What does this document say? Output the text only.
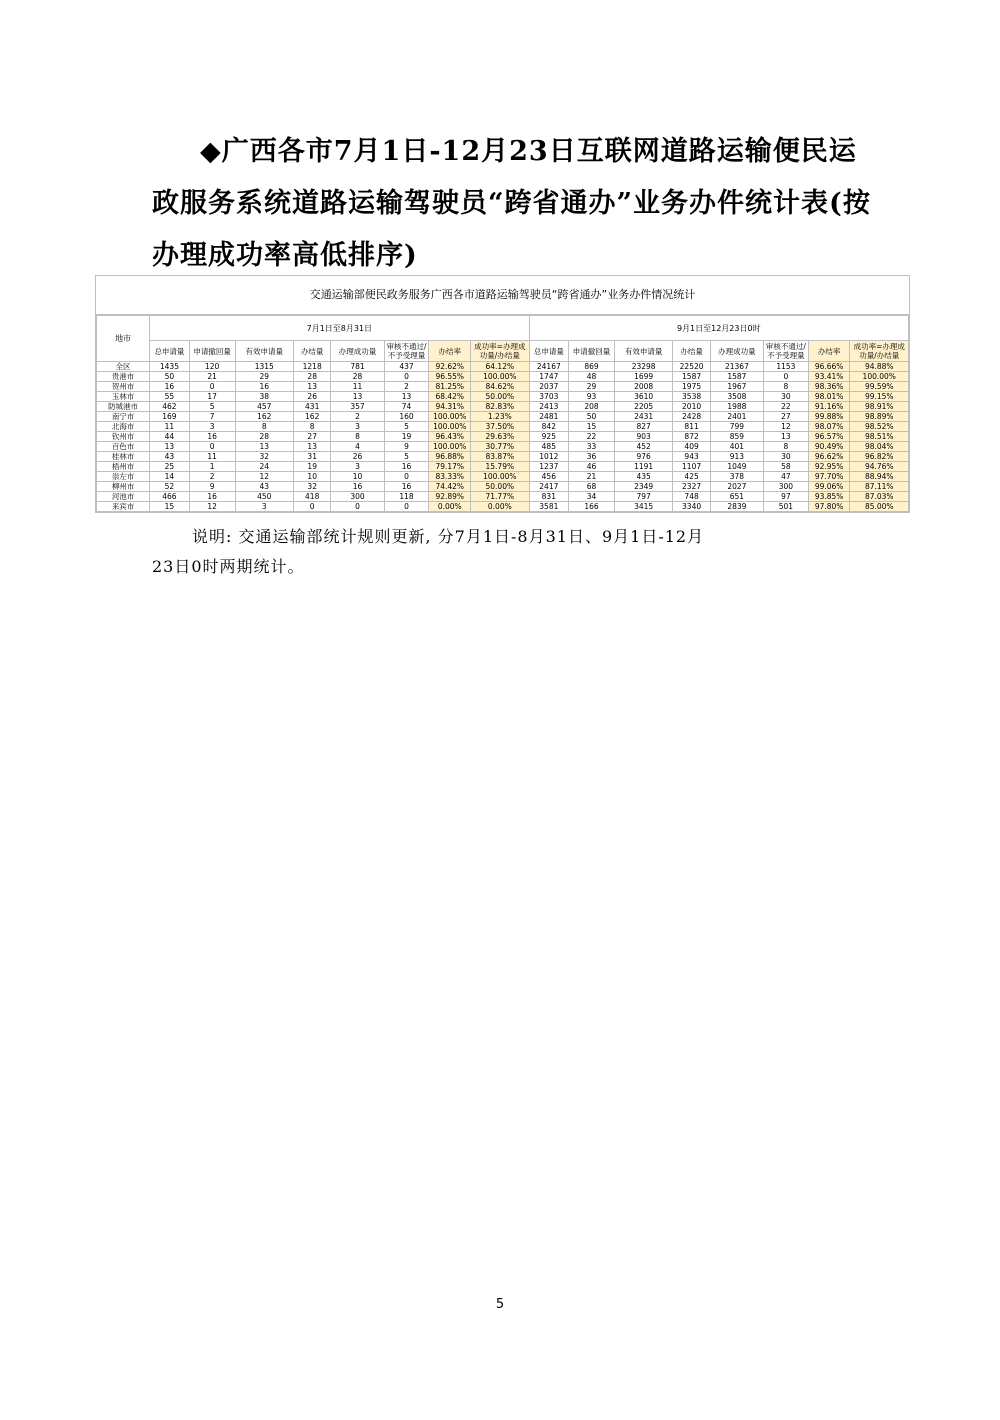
◆广西各市7月1日-12月23日互联网道路运输便民运
政服务系统道路运输驾驶员“跨省通办”业务办件统计表(按
办理成功率高低排序)
交通运输部便民政务服务广西各市道路运输驾驶员“跨省通办”业务办件情况统计
地市	7月1日至8月31日								9月1日至12月23日0时							
	总申请量	申请撤回量	有效申请量	办结量	办理成功量	审核不通过/不予受理量	办结率	成功率=办理成功量/办结量	总申请量	申请撤回量	有效申请量	办结量	办理成功量	审核不通过/不予受理量	办结率	成功率=办理成功量/办结量
全区	1435	120	1315	1218	781	437	92.62%	64.12%	24167	869	23298	22520	21367	1153	96.66%	94.88%
贵港市	50	21	29	28	28	0	96.55%	100.00%	1747	48	1699	1587	1587	0	93.41%	100.00%
贺州市	16	0	16	13	11	2	81.25%	84.62%	2037	29	2008	1975	1967	8	98.36%	99.59%
玉林市	55	17	38	26	13	13	68.42%	50.00%	3703	93	3610	3538	3508	30	98.01%	99.15%
防城港市	462	5	457	431	357	74	94.31%	82.83%	2413	208	2205	2010	1988	22	91.16%	98.91%
南宁市	169	7	162	162	2	160	100.00%	1.23%	2481	50	2431	2428	2401	27	99.88%	98.89%
北海市	11	3	8	8	3	5	100.00%	37.50%	842	15	827	811	799	12	98.07%	98.52%
钦州市	44	16	28	27	8	19	96.43%	29.63%	925	22	903	872	859	13	96.57%	98.51%
百色市	13	0	13	13	4	9	100.00%	30.77%	485	33	452	409	401	8	90.49%	98.04%
桂林市	43	11	32	31	26	5	96.88%	83.87%	1012	36	976	943	913	30	96.62%	96.82%
梧州市	25	1	24	19	3	16	79.17%	15.79%	1237	46	1191	1107	1049	58	92.95%	94.76%
崇左市	14	2	12	10	10	0	83.33%	100.00%	456	21	435	425	378	47	97.70%	88.94%
柳州市	52	9	43	32	16	16	74.42%	50.00%	2417	68	2349	2327	2027	300	99.06%	87.11%
河池市	466	16	450	418	300	118	92.89%	71.77%	831	34	797	748	651	97	93.85%	87.03%
来宾市	15	12	3	0	0	0	0.00%	0.00%	3581	166	3415	3340	2839	501	97.80%	85.00%
说明: 交通运输部统计规则更新, 分7月1日-8月31日、9月1日-12月
23日0时两期统计。
5
